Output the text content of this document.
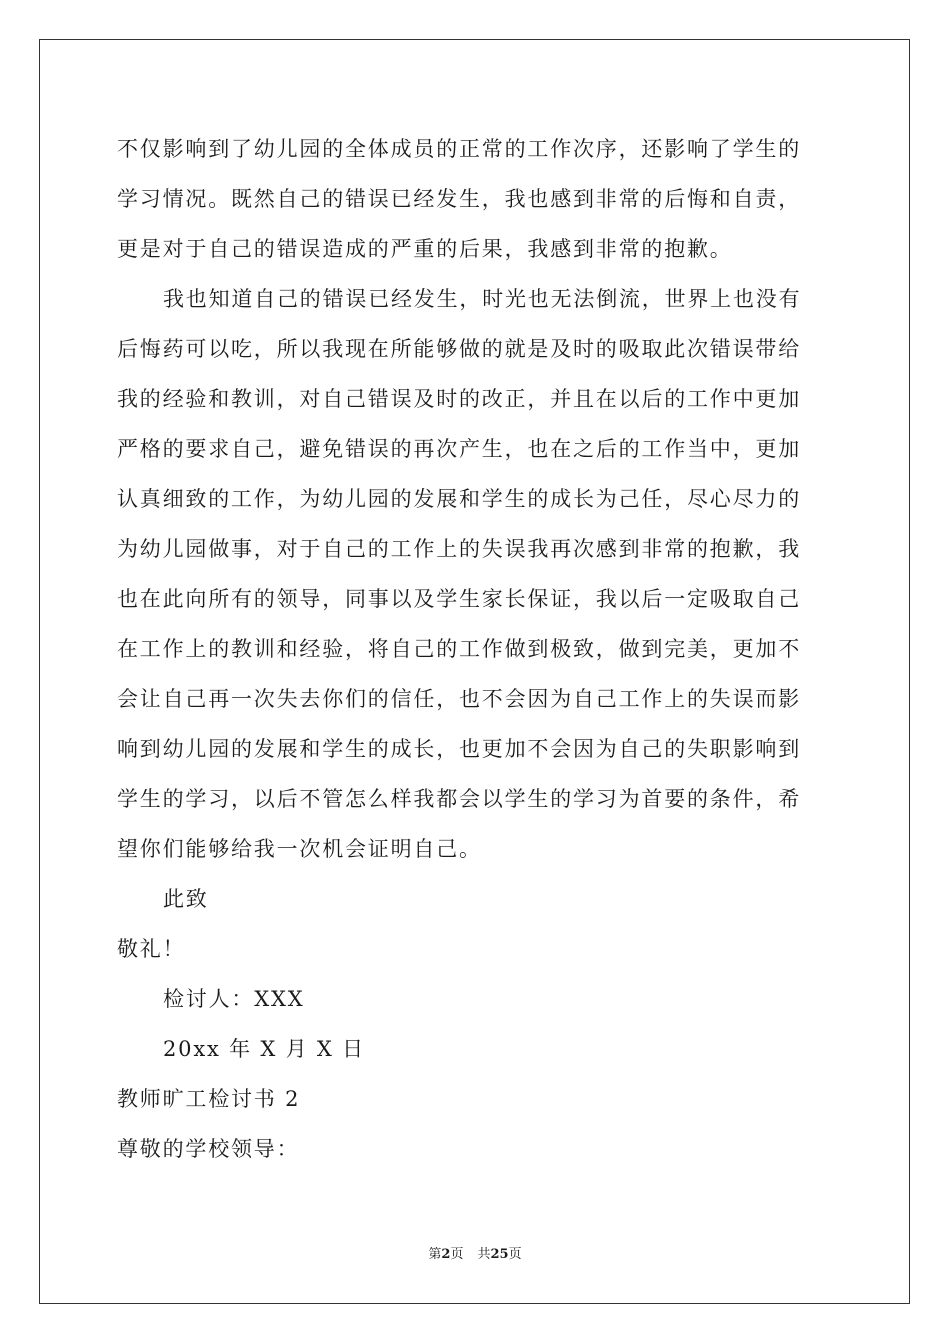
不仅影响到了幼儿园的全体成员的正常的工作次序，还影响了学生的
学习情况。既然自己的错误已经发生，我也感到非常的后悔和自责，
更是对于自己的错误造成的严重的后果，我感到非常的抱歉。
我也知道自己的错误已经发生，时光也无法倒流，世界上也没有
后悔药可以吃，所以我现在所能够做的就是及时的吸取此次错误带给
我的经验和教训，对自己错误及时的改正，并且在以后的工作中更加
严格的要求自己，避免错误的再次产生，也在之后的工作当中，更加
认真细致的工作，为幼儿园的发展和学生的成长为己任，尽心尽力的
为幼儿园做事，对于自己的工作上的失误我再次感到非常的抱歉，我
也在此向所有的领导，同事以及学生家长保证，我以后一定吸取自己
在工作上的教训和经验，将自己的工作做到极致，做到完美，更加不
会让自己再一次失去你们的信任，也不会因为自己工作上的失误而影
响到幼儿园的发展和学生的成长，也更加不会因为自己的失职影响到
学生的学习，以后不管怎么样我都会以学生的学习为首要的条件，希
望你们能够给我一次机会证明自己。
此致
敬礼！
检讨人：XXX
20xx 年 X 月 X 日
教师旷工检讨书 2
尊敬的学校领导：
第2页 共25页
